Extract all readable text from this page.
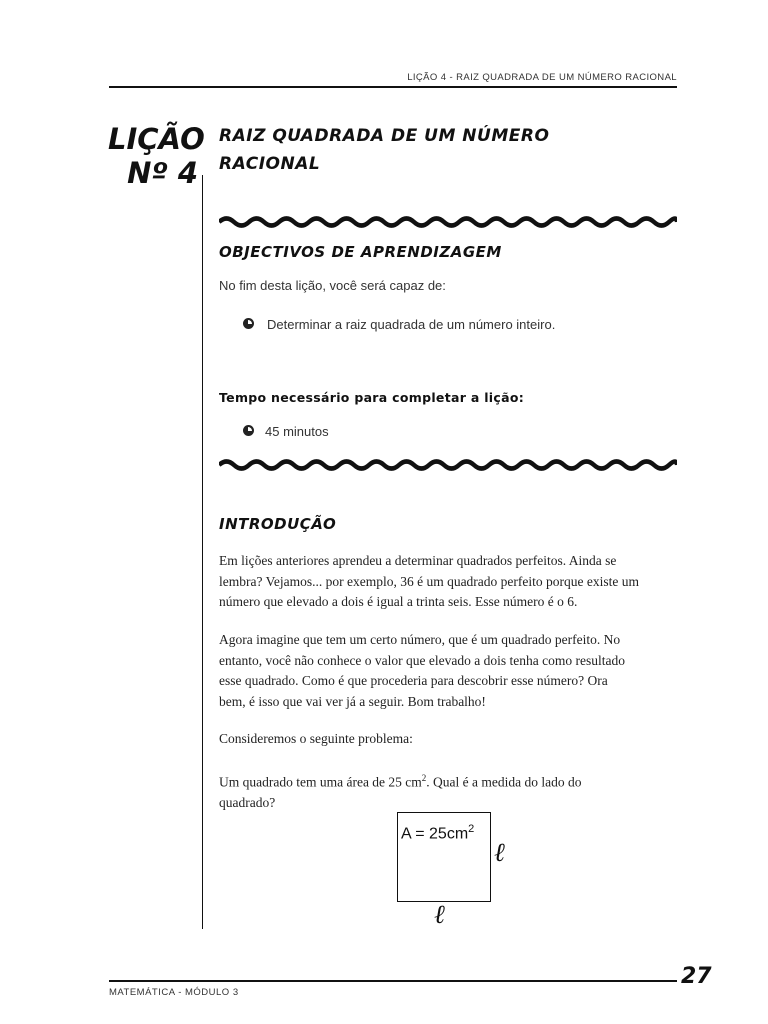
LIÇÃO 4 - RAIZ QUADRADA DE UM NÚMERO RACIONAL
LIÇÃO
Nº 4
RAIZ QUADRADA DE UM NÚMERO
RACIONAL
OBJECTIVOS DE APRENDIZAGEM
No fim desta lição, você será capaz de:
Determinar a raiz quadrada de um número inteiro.
Tempo necessário para completar a lição:
45 minutos
INTRODUÇÃO
Em lições anteriores aprendeu a determinar quadrados perfeitos. Ainda se
lembra? Vejamos... por exemplo, 36 é um quadrado perfeito porque existe um
número que elevado a dois é igual a trinta seis. Esse número é o 6.
Agora imagine que tem um certo número, que é um quadrado perfeito. No
entanto, você não conhece o valor que elevado a dois tenha como resultado
esse quadrado. Como é que procederia para descobrir esse número? Ora
bem, é isso que vai ver já a seguir. Bom trabalho!
Consideremos o seguinte problema:
Um quadrado tem uma área de 25 $cm^2$. Qual é a medida do lado do
quadrado?
$A = 25cm^2$
ℓ
ℓ
MATEMÁTICA - MÓDULO 3
27
